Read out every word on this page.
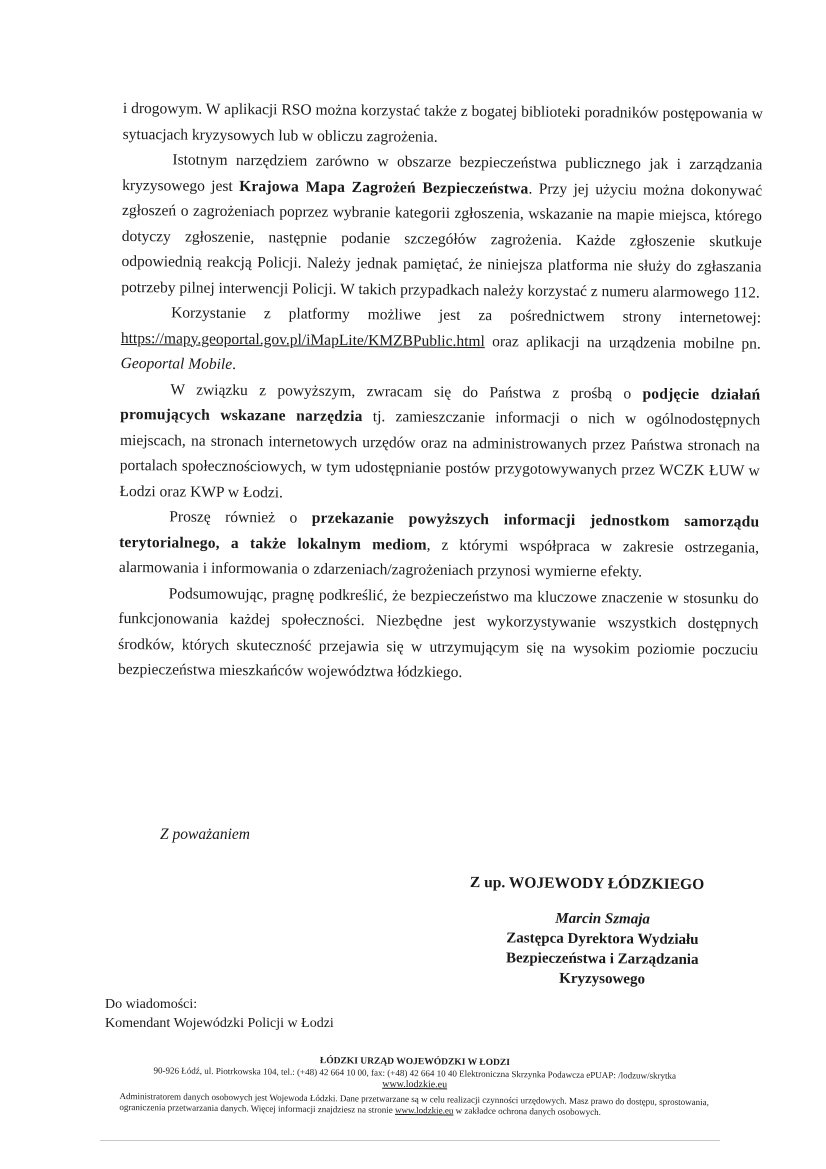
i drogowym. W aplikacji RSO można korzystać także z bogatej biblioteki poradników postępowania w sytuacjach kryzysowych lub w obliczu zagrożenia.

Istotnym narzędziem zarówno w obszarze bezpieczeństwa publicznego jak i zarządzania kryzysowego jest Krajowa Mapa Zagrożeń Bezpieczeństwa. Przy jej użyciu można dokonywać zgłoszeń o zagrożeniach poprzez wybranie kategorii zgłoszenia, wskazanie na mapie miejsca, którego dotyczy zgłoszenie, następnie podanie szczegółów zagrożenia. Każde zgłoszenie skutkuje odpowiednią reakcją Policji. Należy jednak pamiętać, że niniejsza platforma nie służy do zgłaszania potrzeby pilnej interwencji Policji. W takich przypadkach należy korzystać z numeru alarmowego 112.

Korzystanie z platformy możliwe jest za pośrednictwem strony internetowej: https://mapy.geoportal.gov.pl/iMapLite/KMZBPublic.html oraz aplikacji na urządzenia mobilne pn. Geoportal Mobile.

W związku z powyższym, zwracam się do Państwa z prośbą o podjęcie działań promujących wskazane narzędzia tj. zamieszczanie informacji o nich w ogólnodostępnych miejscach, na stronach internetowych urzędów oraz na administrowanych przez Państwa stronach na portalach społecznościowych, w tym udostępnianie postów przygotowywanych przez WCZK ŁUW w Łodzi oraz KWP w Łodzi.

Proszę również o przekazanie powyższych informacji jednostkom samorządu terytorialnego, a także lokalnym mediom, z którymi współpraca w zakresie ostrzegania, alarmowania i informowania o zdarzeniach/zagrożeniach przynosi wymierne efekty.

Podsumowując, pragnę podkreślić, że bezpieczeństwo ma kluczowe znaczenie w stosunku do funkcjonowania każdej społeczności. Niezbędne jest wykorzystywanie wszystkich dostępnych środków, których skuteczność przejawia się w utrzymującym się na wysokim poziomie poczuciu bezpieczeństwa mieszkańców województwa łódzkiego.

Z poważaniem
Z up. WOJEWODY ŁÓDZKIEGO
Marcin Szmaja
Zastępca Dyrektora Wydziału
Bezpieczeństwa i Zarządzania
Kryzysowego
Do wiadomości:
Komendant Wojewódzki Policji w Łodzi
ŁÓDZKI URZĄD WOJEWÓDZKI W ŁODZI
90-926 Łódź, ul. Piotrkowska 104, tel.: (+48) 42 664 10 00, fax: (+48) 42 664 10 40 Elektroniczna Skrzynka Podawcza ePUAP: /lodzuw/skrytka
www.lodzkie.eu
Administratorem danych osobowych jest Wojewoda Łódzki. Dane przetwarzane są w celu realizacji czynności urzędowych. Masz prawo do dostępu, sprostowania, ograniczenia przetwarzania danych. Więcej informacji znajdziesz na stronie www.lodzkie.eu w zakładce ochrona danych osobowych.
